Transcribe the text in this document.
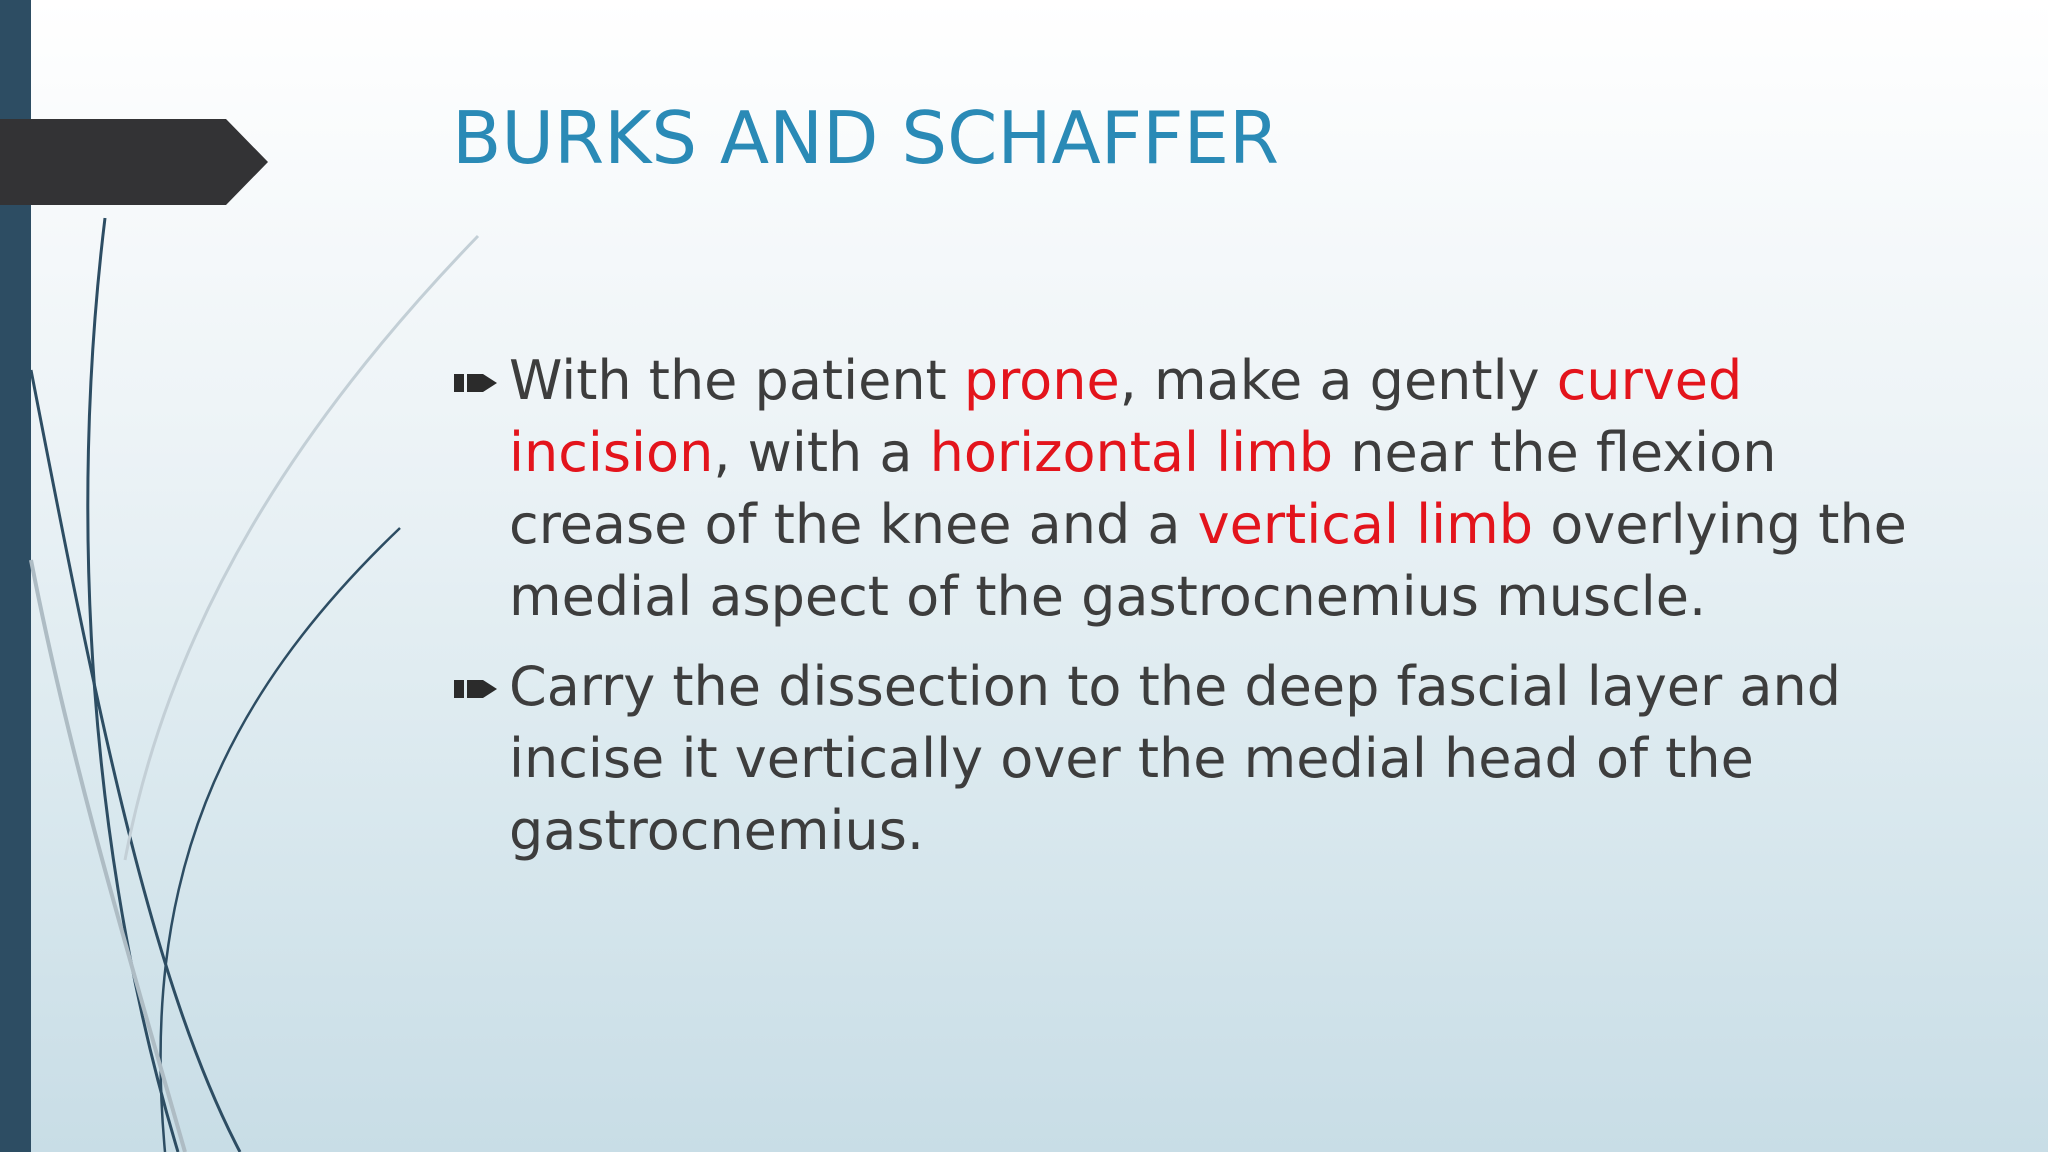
BURKS AND SCHAFFER
With the patient prone, make a gently curved incision, with a horizontal limb near the flexion crease of the knee and a vertical limb overlying the medial aspect of the gastrocnemius muscle.
Carry the dissection to the deep fascial layer and incise it vertically over the medial head of the gastrocnemius.
